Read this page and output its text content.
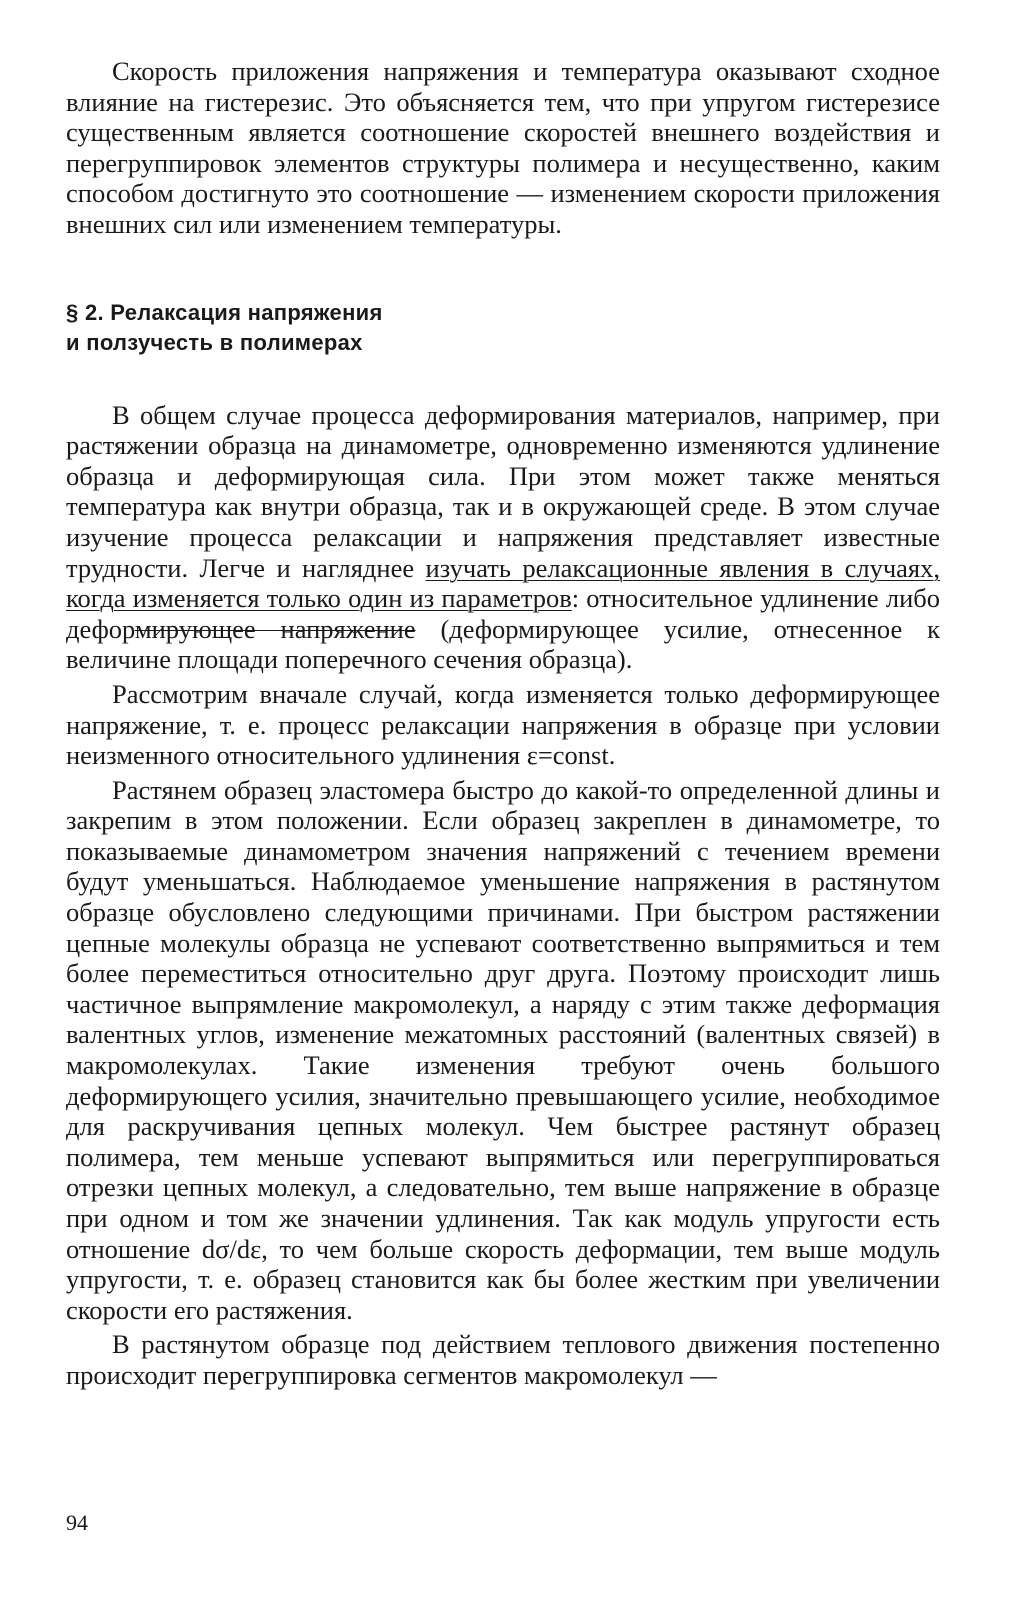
Скорость приложения напряжения и температура оказывают сходное влияние на гистерезис. Это объясняется тем, что при упругом гистерезисе существенным является соотношение скоростей внешнего воздействия и перегруппировок элементов структуры полимера и несущественно, каким способом достигнуто это соотношение — изменением скорости приложения внешних сил или изменением температуры.

§ 2. Релаксация напряжения
и ползучесть в полимерах

В общем случае процесса деформирования материалов, например, при растяжении образца на динамометре, одновременно изменяются удлинение образца и деформирующая сила. При этом может также меняться температура как внутри образца, так и в окружающей среде. В этом случае изучение процесса релаксации и напряжения представляет известные трудности. Легче и нагляднее изучать релаксационные явления в случаях, когда изменяется только один из параметров: относительное удлинение либо деформирующее напряжение (деформирующее усилие, отнесенное к величине площади поперечного сечения образца).

Рассмотрим вначале случай, когда изменяется только деформирующее напряжение, т. е. процесс релаксации напряжения в образце при условии неизменного относительного удлинения ε=const.

Растянем образец эластомера быстро до какой-то определенной длины и закрепим в этом положении. Если образец закреплен в динамометре, то показываемые динамометром значения напряжений с течением времени будут уменьшаться. Наблюдаемое уменьшение напряжения в растянутом образце обусловлено следующими причинами. При быстром растяжении цепные молекулы образца не успевают соответственно выпрямиться и тем более переместиться относительно друг друга. Поэтому происходит лишь частичное выпрямление макромолекул, а наряду с этим также деформация валентных углов, изменение межатомных расстояний (валентных связей) в макромолекулах. Такие изменения требуют очень большого деформирующего усилия, значительно превышающего усилие, необходимое для раскручивания цепных молекул. Чем быстрее растянут образец полимера, тем меньше успевают выпрямиться или перегруппироваться отрезки цепных молекул, а следовательно, тем выше напряжение в образце при одном и том же значении удлинения. Так как модуль упругости есть отношение dσ/dε, то чем больше скорость деформации, тем выше модуль упругости, т. е. образец становится как бы более жестким при увеличении скорости его растяжения.

В растянутом образце под действием теплового движения постепенно происходит перегруппировка сегментов макромолекул —

94
